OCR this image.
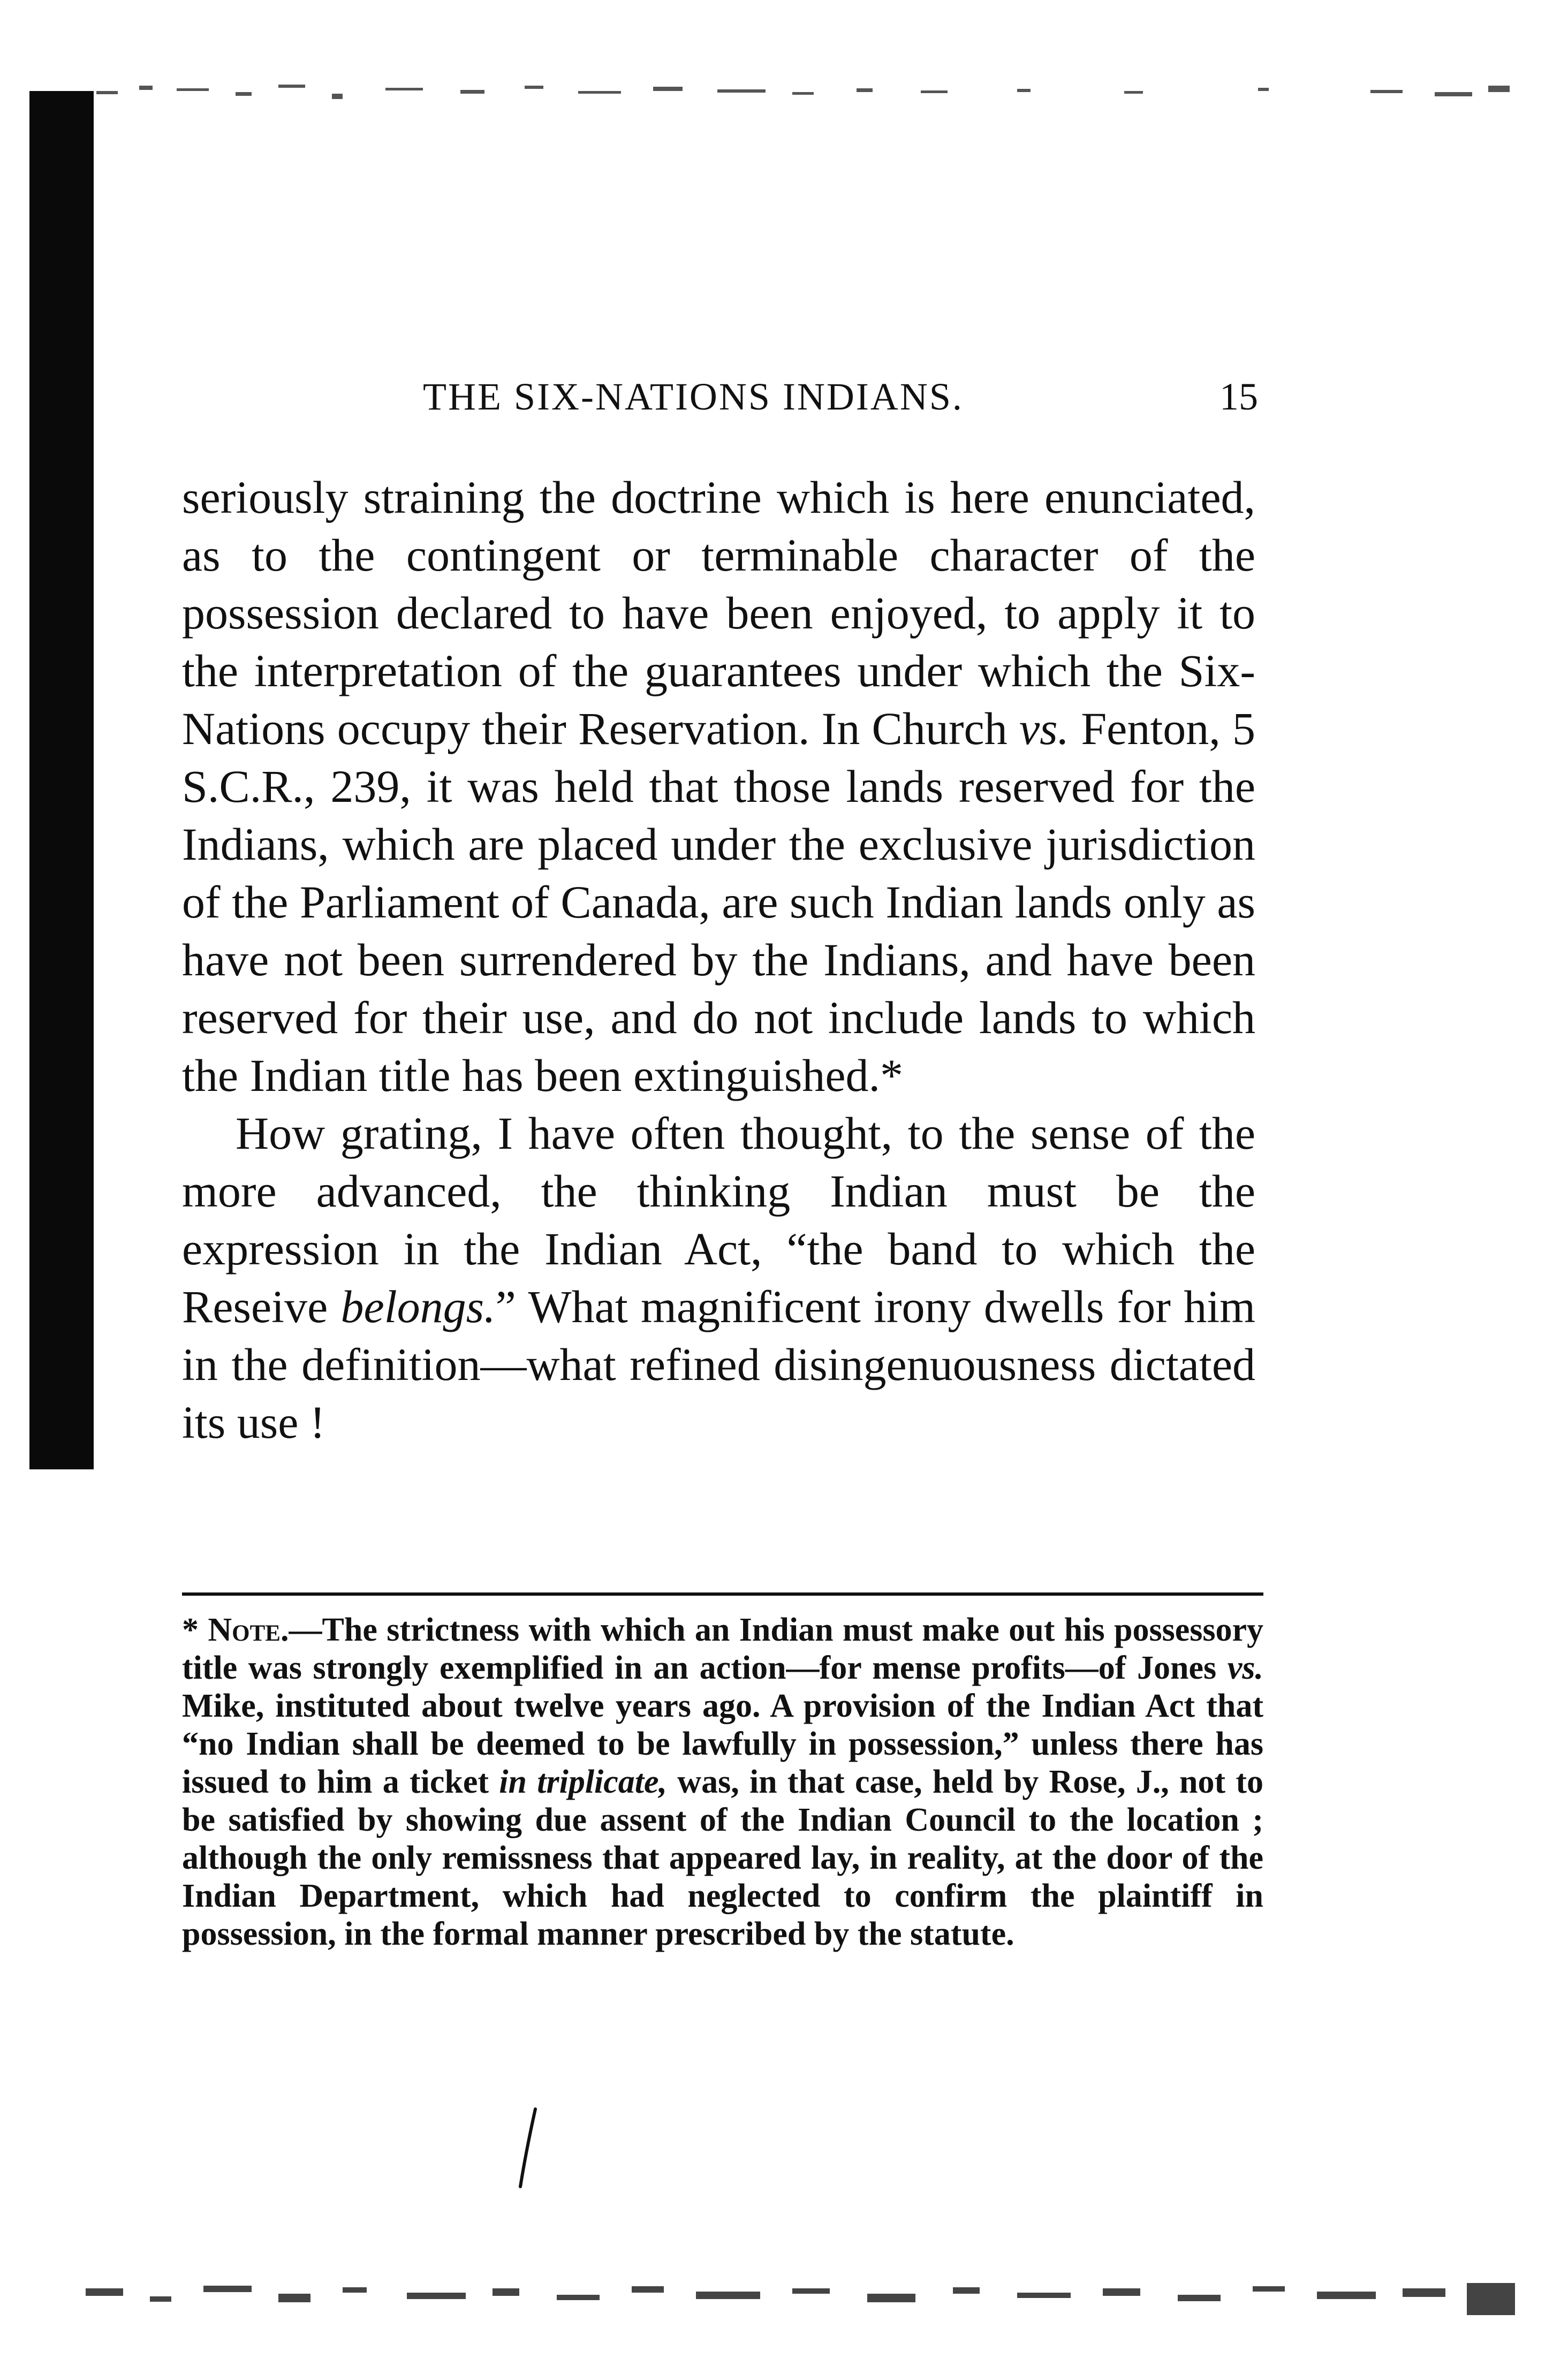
THE SIX-NATIONS INDIANS.	15

seriously straining the doctrine which is here enunciated, as to the contingent or terminable character of the possession declared to have been enjoyed, to apply it to the interpretation of the guarantees under which the Six-Nations occupy their Reservation. In Church vs. Fenton, 5 S.C.R., 239, it was held that those lands reserved for the Indians, which are placed under the exclusive jurisdiction of the Parliament of Canada, are such Indian lands only as have not been surrendered by the Indians, and have been reserved for their use, and do not include lands to which the Indian title has been extinguished.*

How grating, I have often thought, to the sense of the more advanced, the thinking Indian must be the expression in the Indian Act, “the band to which the Reseive belongs.” What magnificent irony dwells for him in the definition—what refined disingenuousness dictated its use !

* Note.—The strictness with which an Indian must make out his possessory title was strongly exemplified in an action—for mense profits—of Jones vs. Mike, instituted about twelve years ago. A provision of the Indian Act that “no Indian shall be deemed to be lawfully in possession,” unless there has issued to him a ticket in triplicate, was, in that case, held by Rose, J., not to be satisfied by showing due assent of the Indian Council to the location ; although the only remissness that appeared lay, in reality, at the door of the Indian Department, which had neglected to confirm the plaintiff in possession, in the formal manner prescribed by the statute.
